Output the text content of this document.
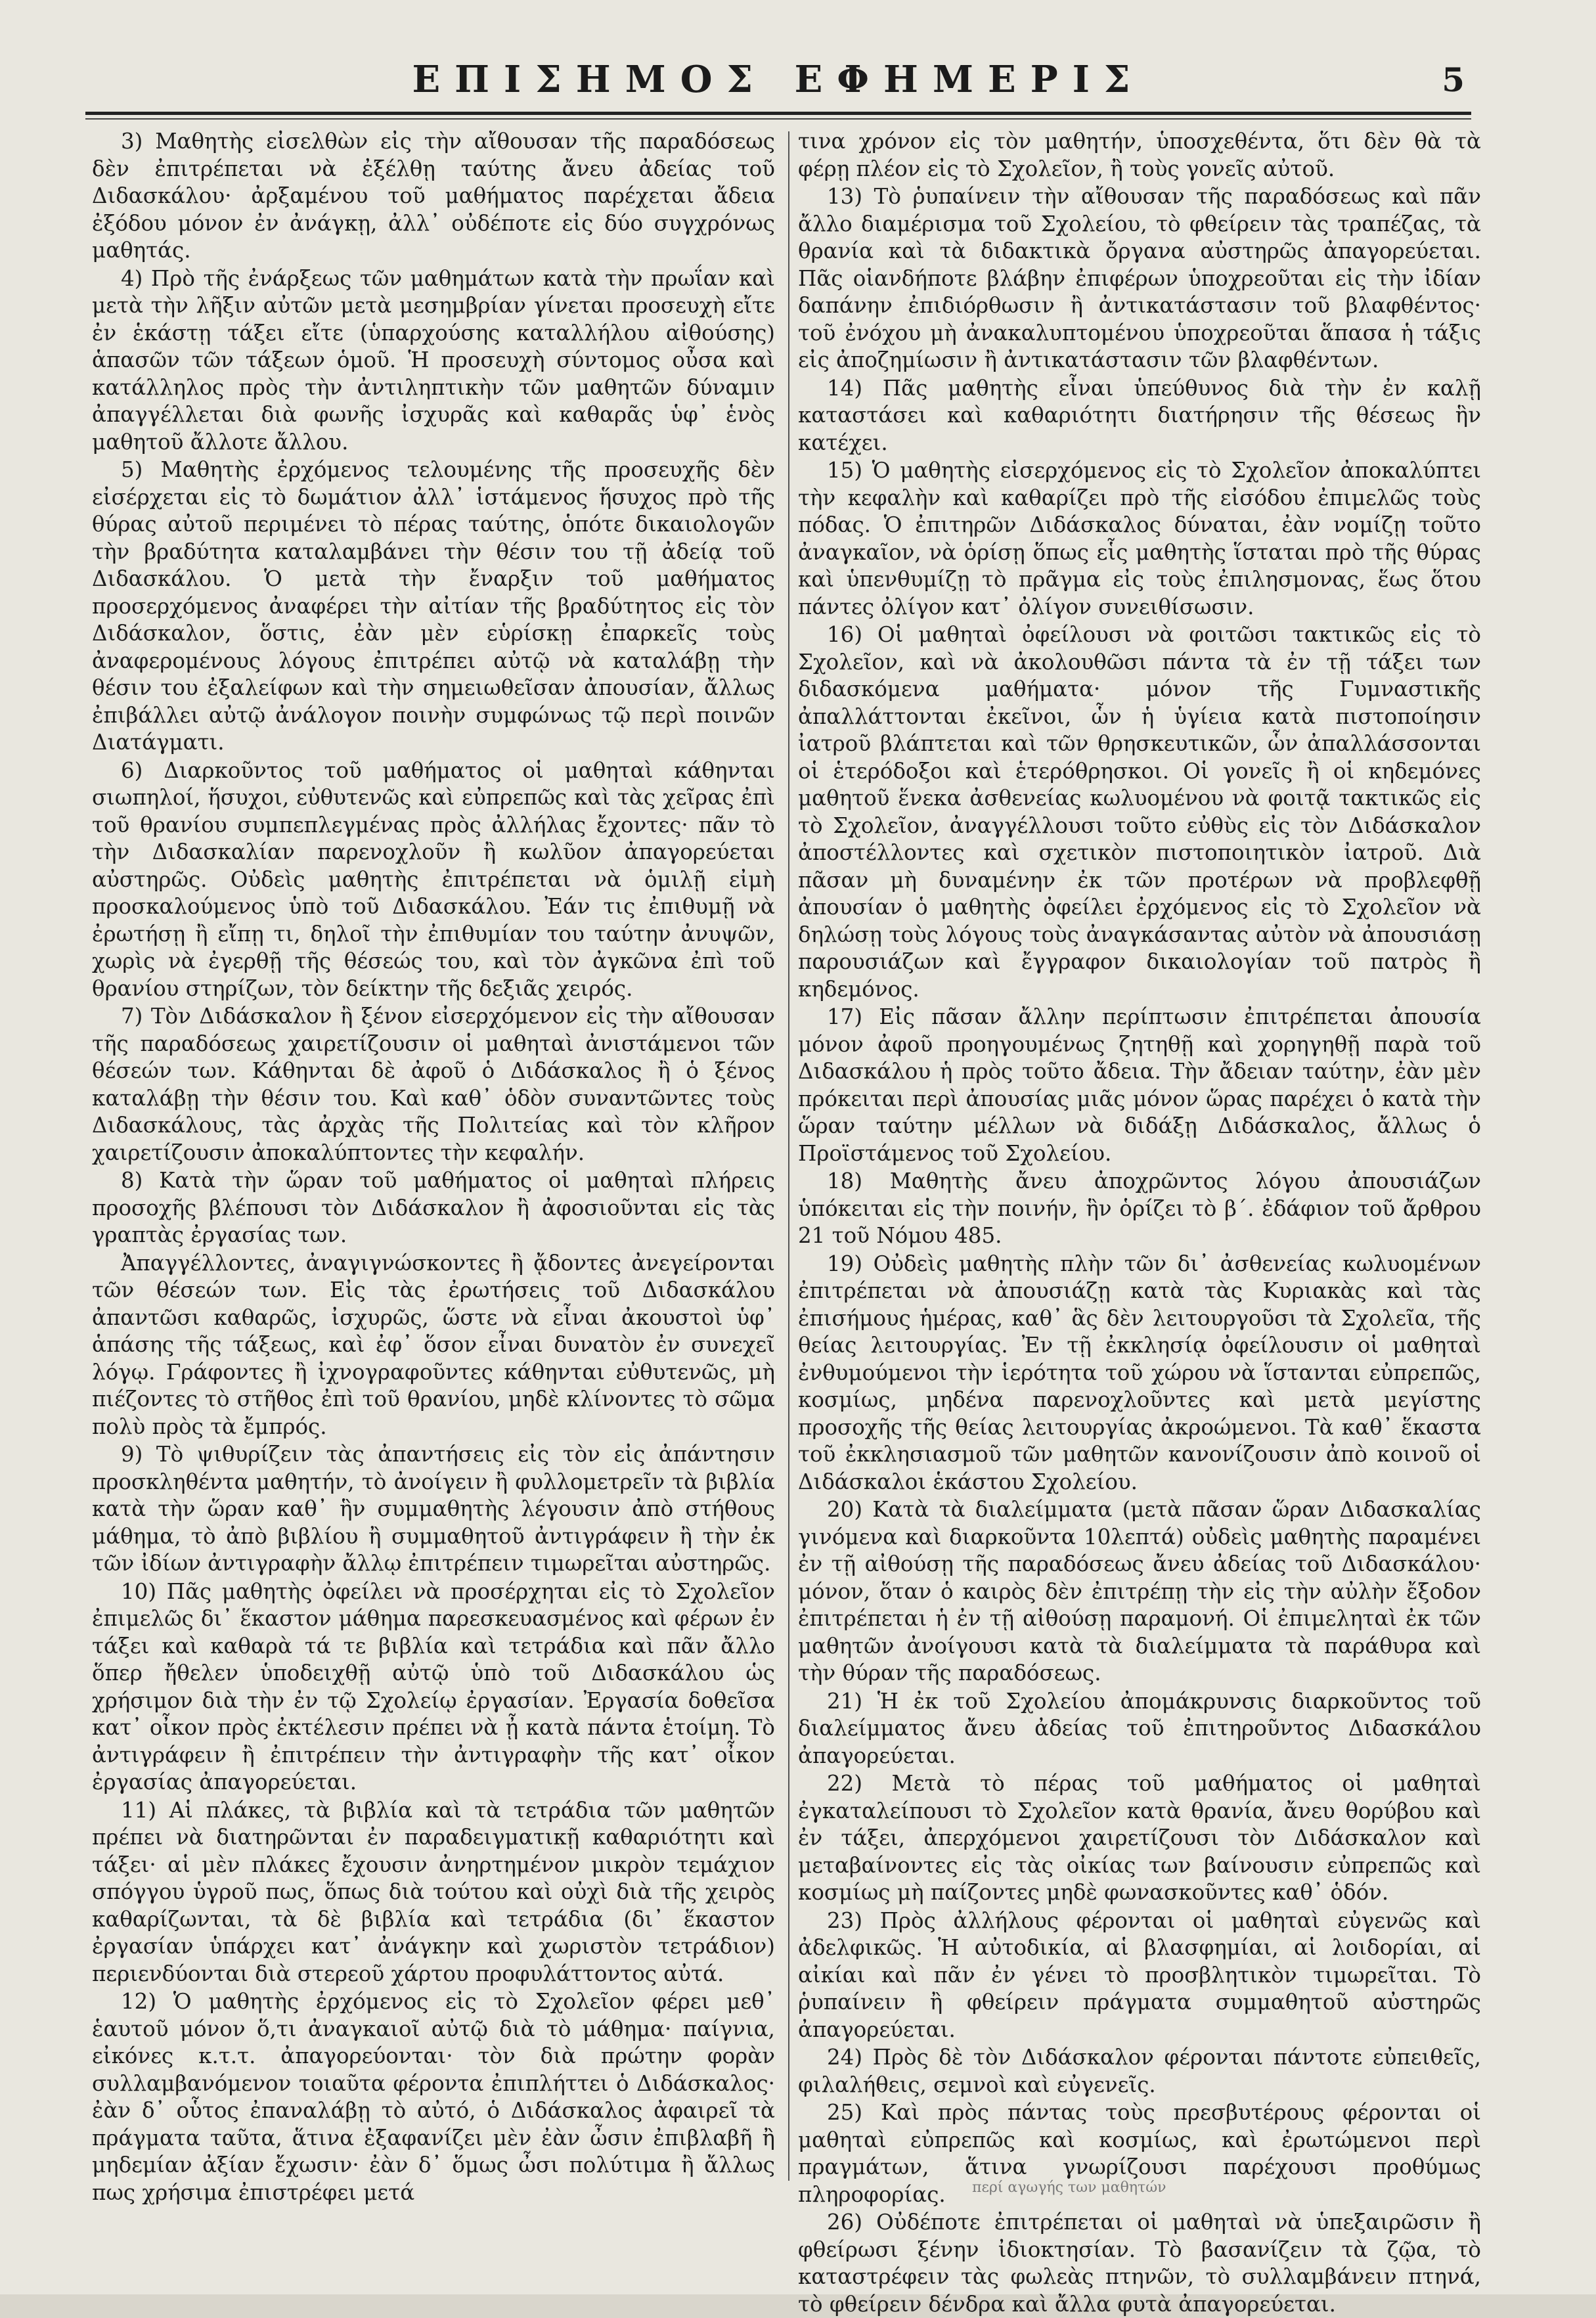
ΕΠΙΣΗΜΟΣ ΕΦΗΜΕΡΙΣ	5

3) Μαθητὴς εἰσελθὼν εἰς τὴν αἴθουσαν τῆς παραδόσεως δὲν ἐπιτρέπεται νὰ ἐξέλθῃ ταύτης ἄνευ ἀδείας τοῦ Διδασκάλου· ἀρξαμένου τοῦ μαθήματος παρέχεται ἄδεια ἐξόδου μόνον ἐν ἀνάγκῃ, ἀλλ᾽ οὐδέποτε εἰς δύο συγχρόνως μαθητάς.

4) Πρὸ τῆς ἐνάρξεως τῶν μαθημάτων κατὰ τὴν πρωΐαν καὶ μετὰ τὴν λῆξιν αὐτῶν μετὰ μεσημβρίαν γίνεται προσευχὴ εἴτε ἐν ἑκάστῃ τάξει εἴτε (ὑπαρχούσης καταλλήλου αἰθούσης) ἁπασῶν τῶν τάξεων ὁμοῦ. Ἡ προσευχὴ σύντομος οὖσα καὶ κατάλληλος πρὸς τὴν ἀντιληπτικὴν τῶν μαθητῶν δύναμιν ἀπαγγέλλεται διὰ φωνῆς ἰσχυρᾶς καὶ καθαρᾶς ὑφ᾽ ἑνὸς μαθητοῦ ἄλλοτε ἄλλου.

5) Μαθητὴς ἐρχόμενος τελουμένης τῆς προσευχῆς δὲν εἰσέρχεται εἰς τὸ δωμάτιον ἀλλ᾽ ἱστάμενος ἥσυχος πρὸ τῆς θύρας αὐτοῦ περιμένει τὸ πέρας ταύτης, ὁπότε δικαιολογῶν τὴν βραδύτητα καταλαμβάνει τὴν θέσιν του τῇ ἀδείᾳ τοῦ Διδασκάλου. Ὁ μετὰ τὴν ἔναρξιν τοῦ μαθήματος προσερχόμενος ἀναφέρει τὴν αἰτίαν τῆς βραδύτητος εἰς τὸν Διδάσκαλον, ὅστις, ἐὰν μὲν εὑρίσκῃ ἐπαρκεῖς τοὺς ἀναφερομένους λόγους ἐπιτρέπει αὐτῷ νὰ καταλάβῃ τὴν θέσιν του ἐξαλείφων καὶ τὴν σημειωθεῖσαν ἀπουσίαν, ἄλλως ἐπιβάλλει αὐτῷ ἀνάλογον ποινὴν συμφώνως τῷ περὶ ποινῶν Διατάγματι.

6) Διαρκοῦντος τοῦ μαθήματος οἱ μαθηταὶ κάθηνται σιωπηλοί, ἥσυχοι, εὐθυτενῶς καὶ εὐπρεπῶς καὶ τὰς χεῖρας ἐπὶ τοῦ θρανίου συμπεπλεγμένας πρὸς ἀλλήλας ἔχοντες· πᾶν τὸ τὴν Διδασκαλίαν παρενοχλοῦν ἢ κωλῦον ἀπαγορεύεται αὐστηρῶς. Οὐδεὶς μαθητὴς ἐπιτρέπεται νὰ ὁμιλῇ εἰμὴ προσκαλούμενος ὑπὸ τοῦ Διδασκάλου. Ἐάν τις ἐπιθυμῇ νὰ ἐρωτήσῃ ἢ εἴπῃ τι, δηλοῖ τὴν ἐπιθυμίαν του ταύτην ἀνυψῶν, χωρὶς νὰ ἐγερθῇ τῆς θέσεώς του, καὶ τὸν ἀγκῶνα ἐπὶ τοῦ θρανίου στηρίζων, τὸν δείκτην τῆς δεξιᾶς χειρός.

7) Τὸν Διδάσκαλον ἢ ξένον εἰσερχόμενον εἰς τὴν αἴθουσαν τῆς παραδόσεως χαιρετίζουσιν οἱ μαθηταὶ ἀνιστάμενοι τῶν θέσεών των. Κάθηνται δὲ ἀφοῦ ὁ Διδάσκαλος ἢ ὁ ξένος καταλάβῃ τὴν θέσιν του. Καὶ καθ᾽ ὁδὸν συναντῶντες τοὺς Διδασκάλους, τὰς ἀρχὰς τῆς Πολιτείας καὶ τὸν κλῆρον χαιρετίζουσιν ἀποκαλύπτοντες τὴν κεφαλήν.

8) Κατὰ τὴν ὥραν τοῦ μαθήματος οἱ μαθηταὶ πλήρεις προσοχῆς βλέπουσι τὸν Διδάσκαλον ἢ ἀφοσιοῦνται εἰς τὰς γραπτὰς ἐργασίας των.

Ἀπαγγέλλοντες, ἀναγιγνώσκοντες ἢ ᾄδοντες ἀνεγείρονται τῶν θέσεών των. Εἰς τὰς ἐρωτήσεις τοῦ Διδασκάλου ἀπαντῶσι καθαρῶς, ἰσχυρῶς, ὥστε νὰ εἶναι ἀκουστοὶ ὑφ᾽ ἁπάσης τῆς τάξεως, καὶ ἐφ᾽ ὅσον εἶναι δυνατὸν ἐν συνεχεῖ λόγῳ. Γράφοντες ἢ ἰχνογραφοῦντες κάθηνται εὐθυτενῶς, μὴ πιέζοντες τὸ στῆθος ἐπὶ τοῦ θρανίου, μηδὲ κλίνοντες τὸ σῶμα πολὺ πρὸς τὰ ἔμπρός.

9) Τὸ ψιθυρίζειν τὰς ἀπαντήσεις εἰς τὸν εἰς ἀπάντησιν προσκληθέντα μαθητήν, τὸ ἀνοίγειν ἢ φυλλομετρεῖν τὰ βιβλία κατὰ τὴν ὥραν καθ᾽ ἣν συμμαθητὴς λέγουσιν ἀπὸ στήθους μάθημα, τὸ ἀπὸ βιβλίου ἢ συμμαθητοῦ ἀντιγράφειν ἢ τὴν ἐκ τῶν ἰδίων ἀντιγραφὴν ἄλλῳ ἐπιτρέπειν τιμωρεῖται αὐστηρῶς.

10) Πᾶς μαθητὴς ὀφείλει νὰ προσέρχηται εἰς τὸ Σχολεῖον ἐπιμελῶς δι᾽ ἕκαστον μάθημα παρεσκευασμένος καὶ φέρων ἐν τάξει καὶ καθαρὰ τά τε βιβλία καὶ τετράδια καὶ πᾶν ἄλλο ὅπερ ἤθελεν ὑποδειχθῇ αὐτῷ ὑπὸ τοῦ Διδασκάλου ὡς χρήσιμον διὰ τὴν ἐν τῷ Σχολείῳ ἐργασίαν. Ἐργασία δοθεῖσα κατ᾽ οἶκον πρὸς ἐκτέλεσιν πρέπει νὰ ᾖ κατὰ πάντα ἑτοίμη. Τὸ ἀντιγράφειν ἢ ἐπιτρέπειν τὴν ἀντιγραφὴν τῆς κατ᾽ οἶκον ἐργασίας ἀπαγορεύεται.

11) Αἱ πλάκες, τὰ βιβλία καὶ τὰ τετράδια τῶν μαθητῶν πρέπει νὰ διατηρῶνται ἐν παραδειγματικῇ καθαριότητι καὶ τάξει· αἱ μὲν πλάκες ἔχουσιν ἀνηρτημένον μικρὸν τεμάχιον σπόγγου ὑγροῦ πως, ὅπως διὰ τούτου καὶ οὐχὶ διὰ τῆς χειρὸς καθαρίζωνται, τὰ δὲ βιβλία καὶ τετράδια (δι᾽ ἕκαστον ἐργασίαν ὑπάρχει κατ᾽ ἀνάγκην καὶ χωριστὸν τετράδιον) περιενδύονται διὰ στερεοῦ χάρτου προφυλάττοντος αὐτά.

12) Ὁ μαθητὴς ἐρχόμενος εἰς τὸ Σχολεῖον φέρει μεθ᾽ ἑαυτοῦ μόνον ὅ,τι ἀναγκαιοῖ αὐτῷ διὰ τὸ μάθημα· παίγνια, εἰκόνες κ.τ.τ. ἀπαγορεύονται· τὸν διὰ πρώτην φορὰν συλλαμβανόμενον τοιαῦτα φέροντα ἐπιπλήττει ὁ Διδάσκαλος· ἐὰν δ᾽ οὗτος ἐπαναλάβῃ τὸ αὐτό, ὁ Διδάσκαλος ἀφαιρεῖ τὰ πράγματα ταῦτα, ἅτινα ἐξαφανίζει μὲν ἐὰν ὦσιν ἐπιβλαβῆ ἢ μηδεμίαν ἀξίαν ἔχωσιν· ἐὰν δ᾽ ὅμως ὦσι πολύτιμα ἢ ἄλλως πως χρήσιμα ἐπιστρέφει μετά

τινα χρόνον εἰς τὸν μαθητήν, ὑποσχεθέντα, ὅτι δὲν θὰ τὰ φέρῃ πλέον εἰς τὸ Σχολεῖον, ἢ τοὺς γονεῖς αὐτοῦ.

13) Τὸ ῥυπαίνειν τὴν αἴθουσαν τῆς παραδόσεως καὶ πᾶν ἄλλο διαμέρισμα τοῦ Σχολείου, τὸ φθείρειν τὰς τραπέζας, τὰ θρανία καὶ τὰ διδακτικὰ ὄργανα αὐστηρῶς ἀπαγορεύεται. Πᾶς οἱανδήποτε βλάβην ἐπιφέρων ὑποχρεοῦται εἰς τὴν ἰδίαν δαπάνην ἐπιδιόρθωσιν ἢ ἀντικατάστασιν τοῦ βλαφθέντος· τοῦ ἐνόχου μὴ ἀνακαλυπτομένου ὑποχρεοῦται ἅπασα ἡ τάξις εἰς ἀποζημίωσιν ἢ ἀντικατάστασιν τῶν βλαφθέντων.

14) Πᾶς μαθητὴς εἶναι ὑπεύθυνος διὰ τὴν ἐν καλῇ καταστάσει καὶ καθαριότητι διατήρησιν τῆς θέσεως ἣν κατέχει.

15) Ὁ μαθητὴς εἰσερχόμενος εἰς τὸ Σχολεῖον ἀποκαλύπτει τὴν κεφαλὴν καὶ καθαρίζει πρὸ τῆς εἰσόδου ἐπιμελῶς τοὺς πόδας. Ὁ ἐπιτηρῶν Διδάσκαλος δύναται, ἐὰν νομίζῃ τοῦτο ἀναγκαῖον, νὰ ὁρίσῃ ὅπως εἷς μαθητὴς ἵσταται πρὸ τῆς θύρας καὶ ὑπενθυμίζῃ τὸ πρᾶγμα εἰς τοὺς ἐπιλησμονας, ἕως ὅτου πάντες ὀλίγον κατ᾽ ὀλίγον συνειθίσωσιν.

16) Οἱ μαθηταὶ ὀφείλουσι νὰ φοιτῶσι τακτικῶς εἰς τὸ Σχολεῖον, καὶ νὰ ἀκολουθῶσι πάντα τὰ ἐν τῇ τάξει των διδασκόμενα μαθήματα· μόνον τῆς Γυμναστικῆς ἀπαλλάττονται ἐκεῖνοι, ὧν ἡ ὑγίεια κατὰ πιστοποίησιν ἰατροῦ βλάπτεται καὶ τῶν θρησκευτικῶν, ὧν ἀπαλλάσσονται οἱ ἑτερόδοξοι καὶ ἑτερόθρησκοι. Οἱ γονεῖς ἢ οἱ κηδεμόνες μαθητοῦ ἕνεκα ἀσθενείας κωλυομένου νὰ φοιτᾷ τακτικῶς εἰς τὸ Σχολεῖον, ἀναγγέλλουσι τοῦτο εὐθὺς εἰς τὸν Διδάσκαλον ἀποστέλλοντες καὶ σχετικὸν πιστοποιητικὸν ἰατροῦ. Διὰ πᾶσαν μὴ δυναμένην ἐκ τῶν προτέρων νὰ προβλεφθῇ ἀπουσίαν ὁ μαθητὴς ὀφείλει ἐρχόμενος εἰς τὸ Σχολεῖον νὰ δηλώσῃ τοὺς λόγους τοὺς ἀναγκάσαντας αὐτὸν νὰ ἀπουσιάσῃ παρουσιάζων καὶ ἔγγραφον δικαιολογίαν τοῦ πατρὸς ἢ κηδεμόνος.

17) Εἰς πᾶσαν ἄλλην περίπτωσιν ἐπιτρέπεται ἀπουσία μόνον ἀφοῦ προηγουμένως ζητηθῇ καὶ χορηγηθῇ παρὰ τοῦ Διδασκάλου ἡ πρὸς τοῦτο ἄδεια. Τὴν ἄδειαν ταύτην, ἐὰν μὲν πρόκειται περὶ ἀπουσίας μιᾶς μόνον ὥρας παρέχει ὁ κατὰ τὴν ὥραν ταύτην μέλλων νὰ διδάξῃ Διδάσκαλος, ἄλλως ὁ Προϊστάμενος τοῦ Σχολείου.

18) Μαθητὴς ἄνευ ἀποχρῶντος λόγου ἀπουσιάζων ὑπόκειται εἰς τὴν ποινήν, ἣν ὁρίζει τὸ β΄. ἐδάφιον τοῦ ἄρθρου 21 τοῦ Νόμου 485.

19) Οὐδεὶς μαθητὴς πλὴν τῶν δι᾽ ἀσθενείας κωλυομένων ἐπιτρέπεται νὰ ἀπουσιάζῃ κατὰ τὰς Κυριακὰς καὶ τὰς ἐπισήμους ἡμέρας, καθ᾽ ἃς δὲν λειτουργοῦσι τὰ Σχολεῖα, τῆς θείας λειτουργίας. Ἐν τῇ ἐκκλησίᾳ ὀφείλουσιν οἱ μαθηταὶ ἐνθυμούμενοι τὴν ἱερότητα τοῦ χώρου νὰ ἵστανται εὐπρεπῶς, κοσμίως, μηδένα παρενοχλοῦντες καὶ μετὰ μεγίστης προσοχῆς τῆς θείας λειτουργίας ἀκροώμενοι. Τὰ καθ᾽ ἕκαστα τοῦ ἐκκλησιασμοῦ τῶν μαθητῶν κανονίζουσιν ἀπὸ κοινοῦ οἱ Διδάσκαλοι ἑκάστου Σχολείου.

20) Κατὰ τὰ διαλείμματα (μετὰ πᾶσαν ὥραν Διδασκαλίας γινόμενα καὶ διαρκοῦντα 10λεπτά) οὐδεὶς μαθητὴς παραμένει ἐν τῇ αἰθούσῃ τῆς παραδόσεως ἄνευ ἀδείας τοῦ Διδασκάλου· μόνον, ὅταν ὁ καιρὸς δὲν ἐπιτρέπῃ τὴν εἰς τὴν αὐλὴν ἔξοδον ἐπιτρέπεται ἡ ἐν τῇ αἰθούσῃ παραμονή. Οἱ ἐπιμεληταὶ ἐκ τῶν μαθητῶν ἀνοίγουσι κατὰ τὰ διαλείμματα τὰ παράθυρα καὶ τὴν θύραν τῆς παραδόσεως.

21) Ἡ ἐκ τοῦ Σχολείου ἀπομάκρυνσις διαρκοῦντος τοῦ διαλείμματος ἄνευ ἀδείας τοῦ ἐπιτηροῦντος Διδασκάλου ἀπαγορεύεται.

22) Μετὰ τὸ πέρας τοῦ μαθήματος οἱ μαθηταὶ ἐγκαταλείπουσι τὸ Σχολεῖον κατὰ θρανία, ἄνευ θορύβου καὶ ἐν τάξει, ἀπερχόμενοι χαιρετίζουσι τὸν Διδάσκαλον καὶ μεταβαίνοντες εἰς τὰς οἰκίας των βαίνουσιν εὐπρεπῶς καὶ κοσμίως μὴ παίζοντες μηδὲ φωνασκοῦντες καθ᾽ ὁδόν.

23) Πρὸς ἀλλήλους φέρονται οἱ μαθηταὶ εὐγενῶς καὶ ἀδελφικῶς. Ἡ αὐτοδικία, αἱ βλασφημίαι, αἱ λοιδορίαι, αἱ αἰκίαι καὶ πᾶν ἐν γένει τὸ προσβλητικὸν τιμωρεῖται. Τὸ ῥυπαίνειν ἢ φθείρειν πράγματα συμμαθητοῦ αὐστηρῶς ἀπαγορεύεται.

24) Πρὸς δὲ τὸν Διδάσκαλον φέρονται πάντοτε εὐπειθεῖς, φιλαλήθεις, σεμνοὶ καὶ εὐγενεῖς.

25) Καὶ πρὸς πάντας τοὺς πρεσβυτέρους φέρονται οἱ μαθηταὶ εὐπρεπῶς καὶ κοσμίως, καὶ ἐρωτώμενοι περὶ πραγμάτων, ἅτινα γνωρίζουσι παρέχουσι προθύμως πληροφορίας.

26) Οὐδέποτε ἐπιτρέπεται οἱ μαθηταὶ νὰ ὑπεξαιρῶσιν ἢ φθείρωσι ξένην ἰδιοκτησίαν. Τὸ βασανίζειν τὰ ζῷα, τὸ καταστρέφειν τὰς φωλεὰς πτηνῶν, τὸ συλλαμβάνειν πτηνά, τὸ φθείρειν δένδρα καὶ ἄλλα φυτὰ ἀπαγορεύεται.

περί αγωγής των μαθητών
